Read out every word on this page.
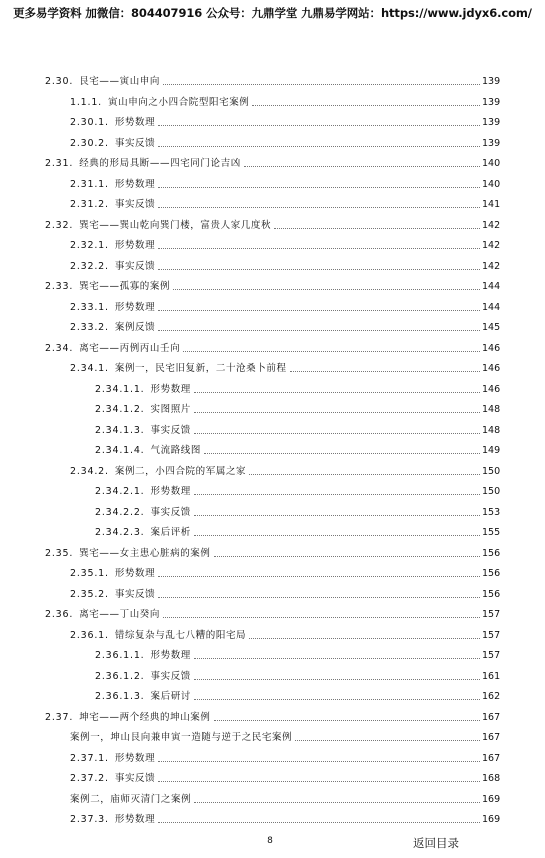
更多易学资料 加微信：804407916 公众号：九鼎学堂 九鼎易学网站：https://www.jdyx6.com/
2.30. 艮宅——寅山申向	139
1.1.1. 寅山申向之小四合院型阳宅案例	139
2.30.1. 形势数理	139
2.30.2. 事实反馈	139
2.31. 经典的形局具断——四宅同门论吉凶	140
2.31.1. 形势数理	140
2.31.2. 事实反馈	141
2.32. 巽宅——巽山乾向巽门楼，富贵人家几度秋	142
2.32.1. 形势数理	142
2.32.2. 事实反馈	142
2.33. 巽宅——孤寡的案例	144
2.33.1. 形势数理	144
2.33.2. 案例反馈	145
2.34. 离宅——丙例丙山壬向	146
2.34.1. 案例一，民宅旧复新，二十沧桑卜前程	146
2.34.1.1. 形势数理	146
2.34.1.2. 实图照片	148
2.34.1.3. 事实反馈	148
2.34.1.4. 气流路线图	149
2.34.2. 案例二，小四合院的军属之家	150
2.34.2.1. 形势数理	150
2.34.2.2. 事实反馈	153
2.34.2.3. 案后评析	155
2.35. 巽宅——女主患心脏病的案例	156
2.35.1. 形势数理	156
2.35.2. 事实反馈	156
2.36. 离宅——丁山癸向	157
2.36.1. 错综复杂与乱七八糟的阳宅局	157
2.36.1.1. 形势数理	157
2.36.1.2. 事实反馈	161
2.36.1.3. 案后研讨	162
2.37. 坤宅——两个经典的坤山案例	167
案例一，坤山艮向兼申寅一造随与逆于之民宅案例	167
2.37.1. 形势数理	167
2.37.2. 事实反馈	168
案例二，庙师灭清门之案例	169
2.37.3. 形势数理	169
8	返回目录
